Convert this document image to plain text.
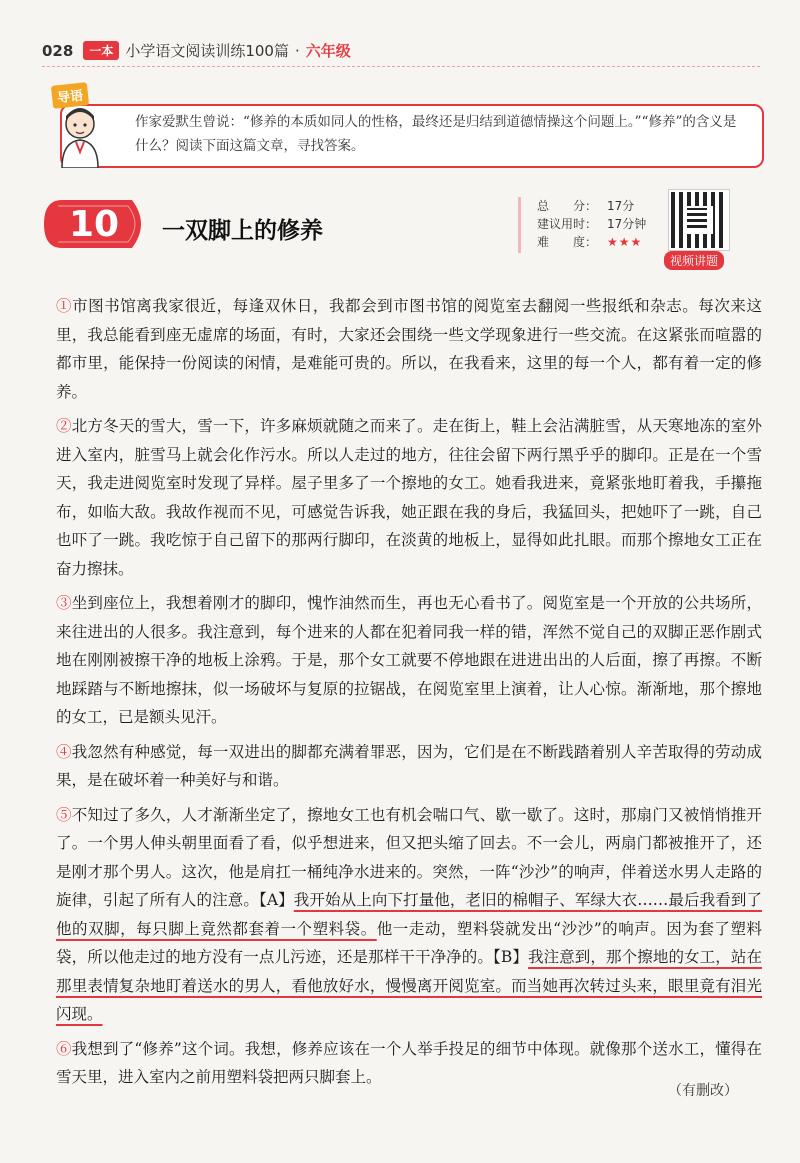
028	一本 小学语文阅读训练100篇 · 六年级
导语
作家爱默生曾说：“修养的本质如同人的性格，最终还是归结到道德情操这个问题上。”“修养”的含义是什么？阅读下面这篇文章，寻找答案。
10	一双脚上的修养
总　　分： 17分
建议用时： 17分钟
难　　度： ★★★
视频讲题

①市图书馆离我家很近，每逢双休日，我都会到市图书馆的阅览室去翻阅一些报纸和杂志。每次来这里，我总能看到座无虚席的场面，有时，大家还会围绕一些文学现象进行一些交流。在这紧张而喧嚣的都市里，能保持一份阅读的闲情，是难能可贵的。所以，在我看来，这里的每一个人，都有着一定的修养。

②北方冬天的雪大，雪一下，许多麻烦就随之而来了。走在街上，鞋上会沾满脏雪，从天寒地冻的室外进入室内，脏雪马上就会化作污水。所以人走过的地方，往往会留下两行黑乎乎的脚印。正是在一个雪天，我走进阅览室时发现了异样。屋子里多了一个擦地的女工。她看我进来，竟紧张地盯着我，手攥拖布，如临大敌。我故作视而不见，可感觉告诉我，她正跟在我的身后，我猛回头，把她吓了一跳，自己也吓了一跳。我吃惊于自己留下的那两行脚印，在淡黄的地板上，显得如此扎眼。而那个擦地女工正在奋力擦抹。

③坐到座位上，我想着刚才的脚印，愧怍油然而生，再也无心看书了。阅览室是一个开放的公共场所，来往进出的人很多。我注意到，每个进来的人都在犯着同我一样的错，浑然不觉自己的双脚正恶作剧式地在刚刚被擦干净的地板上涂鸦。于是，那个女工就要不停地跟在进进出出的人后面，擦了再擦。不断地踩踏与不断地擦抹，似一场破坏与复原的拉锯战，在阅览室里上演着，让人心惊。渐渐地，那个擦地的女工，已是额头见汗。

④我忽然有种感觉，每一双进出的脚都充满着罪恶，因为，它们是在不断践踏着别人辛苦取得的劳动成果，是在破坏着一种美好与和谐。

⑤不知过了多久，人才渐渐坐定了，擦地女工也有机会喘口气、歇一歇了。这时，那扇门又被悄悄推开了。一个男人伸头朝里面看了看，似乎想进来，但又把头缩了回去。不一会儿，两扇门都被推开了，还是刚才那个男人。这次，他是肩扛一桶纯净水进来的。突然，一阵“沙沙”的响声，伴着送水男人走路的旋律，引起了所有人的注意。【A】我开始从上向下打量他，老旧的棉帽子、军绿大衣……最后我看到了他的双脚，每只脚上竟然都套着一个塑料袋。他一走动，塑料袋就发出“沙沙”的响声。因为套了塑料袋，所以他走过的地方没有一点儿污迹，还是那样干干净净的。【B】我注意到，那个擦地的女工，站在那里表情复杂地盯着送水的男人，看他放好水，慢慢离开阅览室。而当她再次转过头来，眼里竟有泪光闪现。

⑥我想到了“修养”这个词。我想，修养应该在一个人举手投足的细节中体现。就像那个送水工，懂得在雪天里，进入室内之前用塑料袋把两只脚套上。

（有删改）
